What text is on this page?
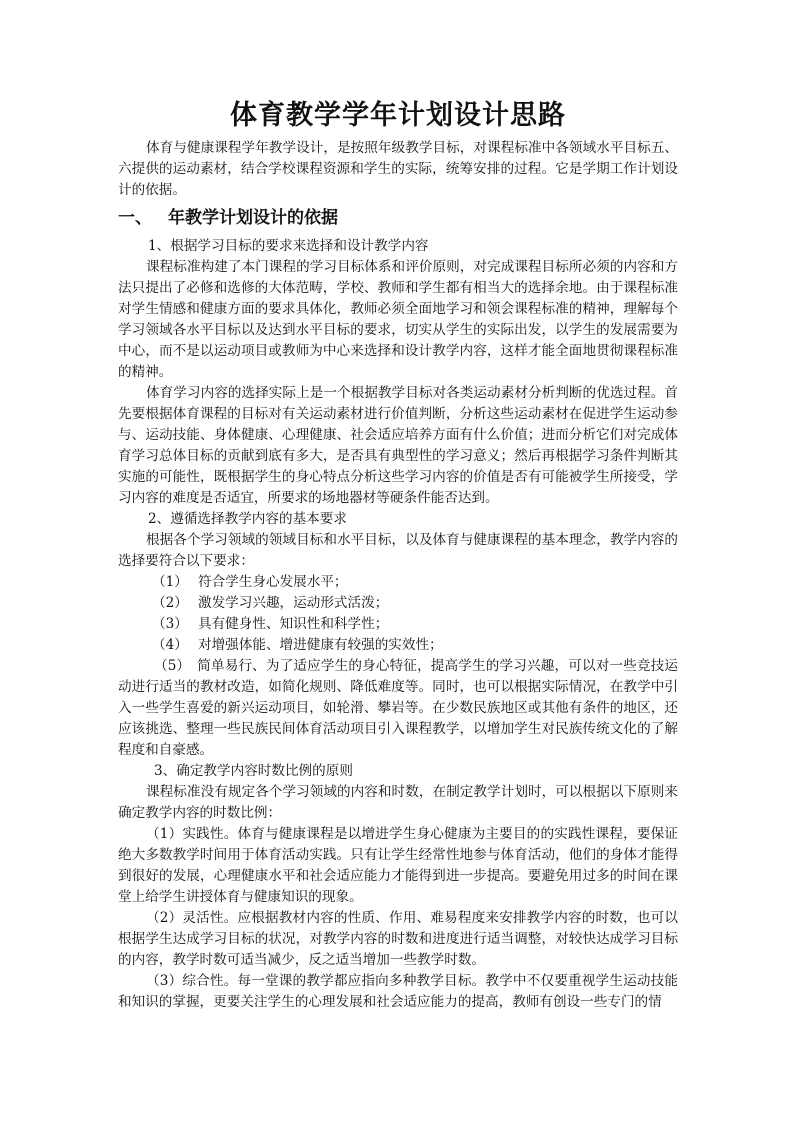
体育教学学年计划设计思路

体育与健康课程学年教学设计，是按照年级教学目标，对课程标准中各领域水平目标五、六提供的运动素材，结合学校课程资源和学生的实际，统筹安排的过程。它是学期工作计划设计的依据。

一、 年教学计划设计的依据

1、根据学习目标的要求来选择和设计教学内容

课程标准构建了本门课程的学习目标体系和评价原则，对完成课程目标所必须的内容和方法只提出了必修和选修的大体范畴，学校、教师和学生都有相当大的选择余地。由于课程标准对学生情感和健康方面的要求具体化，教师必须全面地学习和领会课程标准的精神，理解每个学习领域各水平目标以及达到水平目标的要求，切实从学生的实际出发，以学生的发展需要为中心，而不是以运动项目或教师为中心来选择和设计教学内容，这样才能全面地贯彻课程标准的精神。

体育学习内容的选择实际上是一个根据教学目标对各类运动素材分析判断的优选过程。首先要根据体育课程的目标对有关运动素材进行价值判断，分析这些运动素材在促进学生运动参与、运动技能、身体健康、心理健康、社会适应培养方面有什么价值；进而分析它们对完成体育学习总体目标的贡献到底有多大，是否具有典型性的学习意义；然后再根据学习条件判断其实施的可能性，既根据学生的身心特点分析这些学习内容的价值是否有可能被学生所接受，学习内容的难度是否适宜，所要求的场地器材等硬条件能否达到。

2、遵循选择教学内容的基本要求

根据各个学习领域的领域目标和水平目标，以及体育与健康课程的基本理念，教学内容的选择要符合以下要求：

（1） 符合学生身心发展水平；

（2） 激发学习兴趣，运动形式活泼；

（3） 具有健身性、知识性和科学性；

（4） 对增强体能、增进健康有较强的实效性；

（5）　简单易行、为了适应学生的身心特征，提高学生的学习兴趣，可以对一些竞技运动进行适当的教材改造，如简化规则、降低难度等。同时，也可以根据实际情况，在教学中引入一些学生喜爱的新兴运动项目，如轮滑、攀岩等。在少数民族地区或其他有条件的地区，还应该挑选、整理一些民族民间体育活动项目引入课程教学，以增加学生对民族传统文化的了解程度和自豪感。

3、确定教学内容时数比例的原则

课程标准没有规定各个学习领域的内容和时数，在制定教学计划时，可以根据以下原则来确定教学内容的时数比例：

（1）实践性。体育与健康课程是以增进学生身心健康为主要目的的实践性课程，要保证绝大多数教学时间用于体育活动实践。只有让学生经常性地参与体育活动，他们的身体才能得到很好的发展，心理健康水平和社会适应能力才能得到进一步提高。要避免用过多的时间在课堂上给学生讲授体育与健康知识的现象。

（2）灵活性。应根据教材内容的性质、作用、难易程度来安排教学内容的时数，也可以根据学生达成学习目标的状况，对教学内容的时数和进度进行适当调整，对较快达成学习目标的内容，教学时数可适当减少，反之适当增加一些教学时数。

（3）综合性。每一堂课的教学都应指向多种教学目标。教学中不仅要重视学生运动技能和知识的掌握，更要关注学生的心理发展和社会适应能力的提高，教师有创设一些专门的情
